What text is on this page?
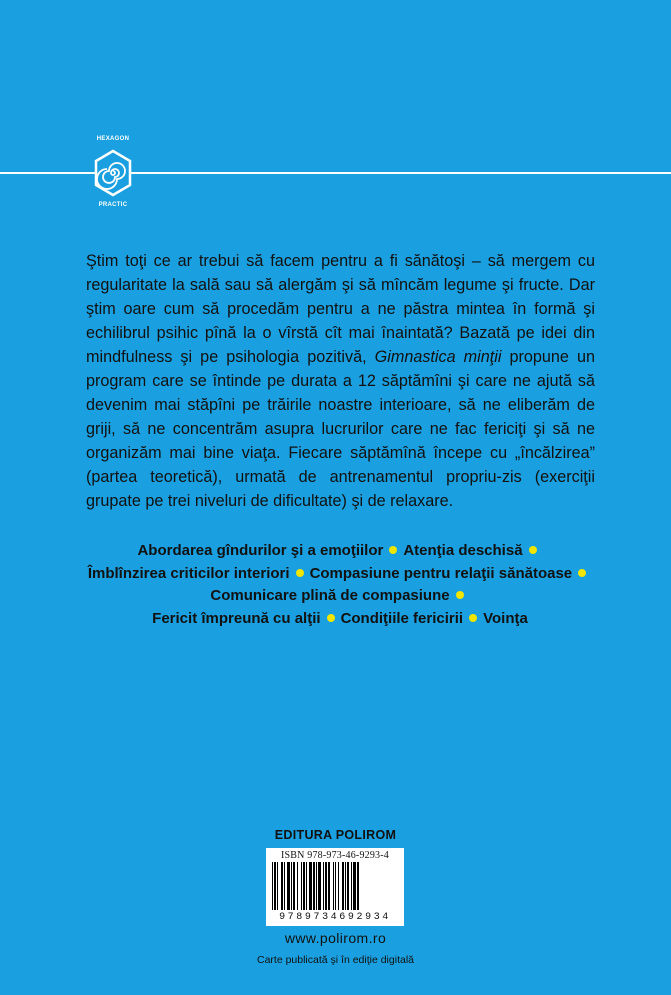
HEXAGON
PRACTIC

Ştim toţi ce ar trebui să facem pentru a fi sănătoşi – să mergem cu regularitate la sală sau să alergăm şi să mîncăm legume şi fructe. Dar ştim oare cum să procedăm pentru a ne păstra mintea în formă şi echilibrul psihic pînă la o vîrstă cît mai înaintată? Bazată pe idei din mindfulness şi pe psihologia pozitivă, Gimnastica minţii propune un program care se întinde pe durata a 12 săptămîni şi care ne ajută să devenim mai stăpîni pe trăirile noastre interioare, să ne eliberăm de griji, să ne concentrăm asupra lucrurilor care ne fac fericiţi şi să ne organizăm mai bine viaţa. Fiecare săptămînă începe cu „încălzirea” (partea teoretică), urmată de antrenamentul propriu-zis (exerciţii grupate pe trei niveluri de dificultate) şi de relaxare.

Abordarea gîndurilor şi a emoţiilor Atenţia deschisă
Îmblînzirea criticilor interiori Compasiune pentru relaţii sănătoaseComunicare plină de compasiune
Fericit împreună cu alţii Condiţiile fericirii Voinţa
EDITURA POLIROM
ISBN 978-973-46-9293-4
9789734692934
www.polirom.ro
Carte publicată şi în ediţie digitală
